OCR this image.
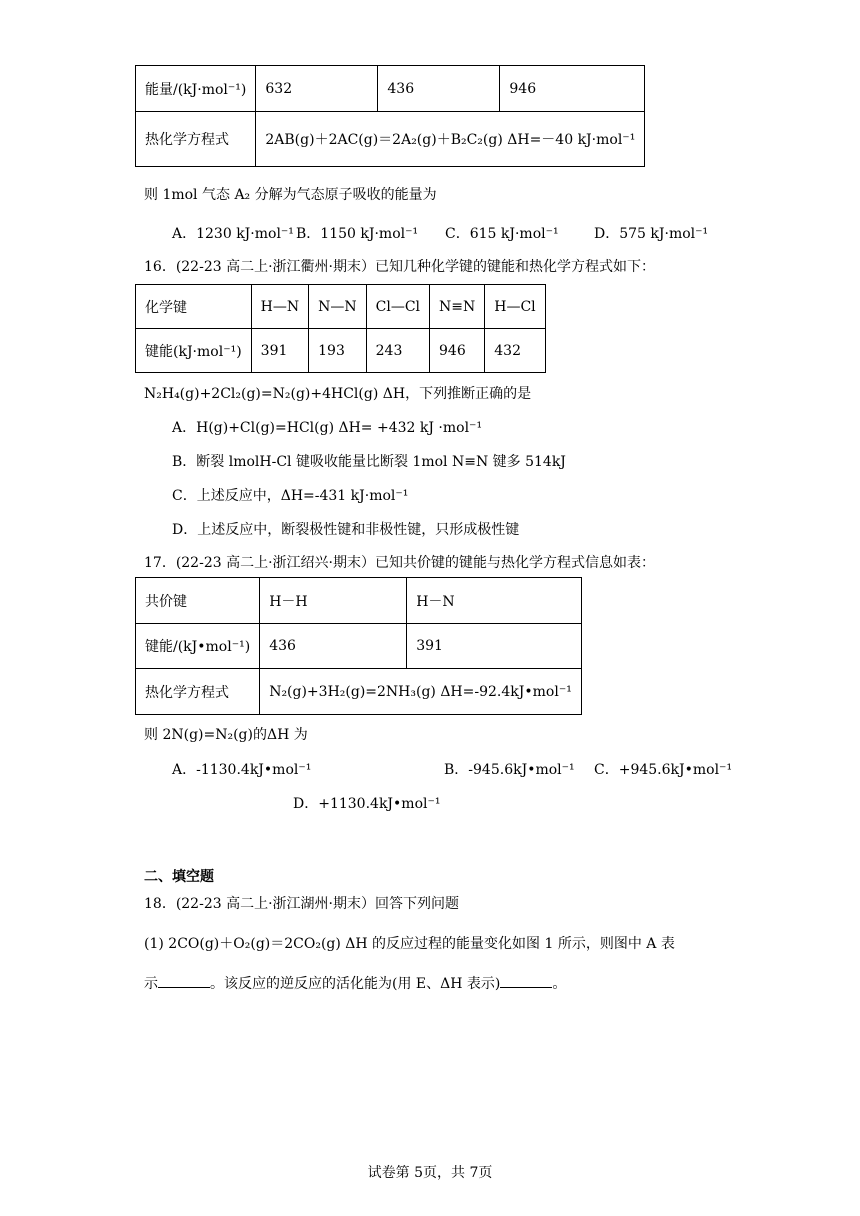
能量/(kJ·mol⁻¹)	632	436	946
热化学方程式	2AB(g)＋2AC(g)＝2A₂(g)＋B₂C₂(g) ΔH=－40 kJ·mol⁻¹		
则 1mol 气态 A₂ 分解为气态原子吸收的能量为
A．1230 kJ·mol⁻¹ B．1150 kJ·mol⁻¹ C．615 kJ·mol⁻¹	D．575 kJ·mol⁻¹
16．(22-23 高二上·浙江衢州·期末）已知几种化学键的键能和热化学方程式如下：
化学键	H—N	N—N	Cl—Cl	N≡N	H—Cl
键能(kJ·mol⁻¹)	391	193	243	946	432
N₂H₄(g)+2Cl₂(g)=N₂(g)+4HCl(g) ΔH，下列推断正确的是
A．H(g)+Cl(g)=HCl(g) ΔH= +432 kJ ·mol⁻¹
B．断裂 lmolH-Cl 键吸收能量比断裂 1mol N≡N 键多 514kJ
C．上述反应中，ΔH=-431 kJ·mol⁻¹
D．上述反应中，断裂极性键和非极性键，只形成极性键
17．(22-23 高二上·浙江绍兴·期末）已知共价键的键能与热化学方程式信息如表：
共价键	H－H	H－N
键能/(kJ•mol⁻¹)	436	391
热化学方程式	N₂(g)+3H₂(g)=2NH₃(g) ΔH=-92.4kJ•mol⁻¹	
则 2N(g)=N₂(g)的ΔH 为
A．-1130.4kJ•mol⁻¹	B．-945.6kJ•mol⁻¹ C．+945.6kJ•mol⁻¹
D．+1130.4kJ•mol⁻¹
二、填空题
18．(22-23 高二上·浙江湖州·期末）回答下列问题
(1) 2CO(g)＋O₂(g)＝2CO₂(g) ΔH 的反应过程的能量变化如图 1 所示，则图中 A 表
示	。该反应的逆反应的活化能为(用 E、ΔH 表示)	。
试卷第 5页，共 7页
